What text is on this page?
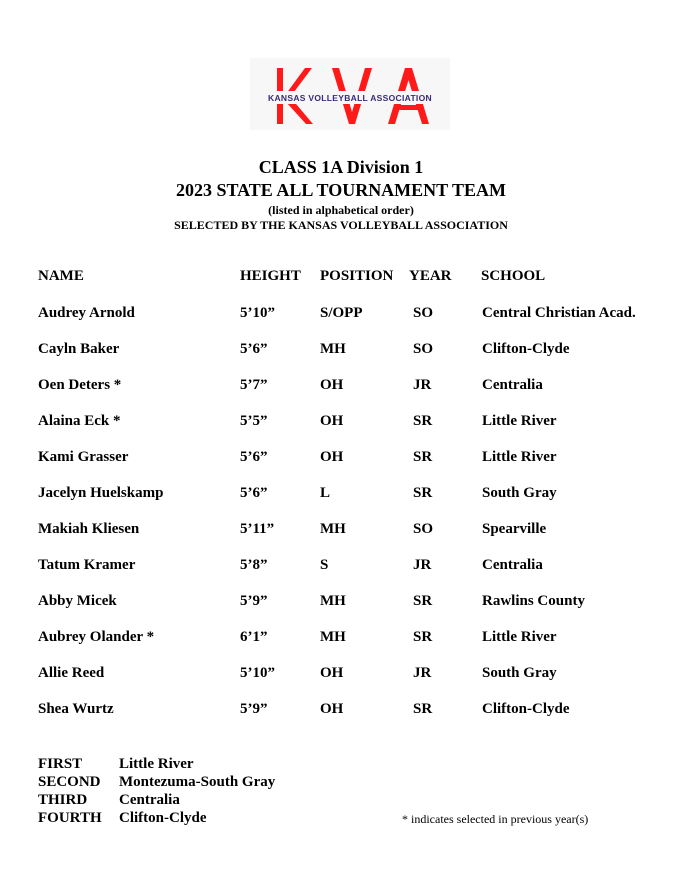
KANSAS VOLLEYBALL ASSOCIATION
CLASS 1A Division 1
2023 STATE ALL TOURNAMENT TEAM
(listed in alphabetical order)
SELECTED BY THE KANSAS VOLLEYBALL ASSOCIATION
NAME	HEIGHT POSITION YEAR SCHOOL
Audrey Arnold	5’10”	S/OPP	SO	Central Christian Acad.
Cayln Baker	5’6”	MH	SO	Clifton-Clyde
Oen Deters *	5’7”	OH	JR	Centralia
Alaina Eck *	5’5”	OH	SR	Little River
Kami Grasser	5’6”	OH	SR	Little River
Jacelyn Huelskamp	5’6”	L	SR	South Gray
Makiah Kliesen	5’11”	MH	SO	Spearville
Tatum Kramer	5’8”	S	JR	Centralia
Abby Micek	5’9”	MH	SR	Rawlins County
Aubrey Olander *	6’1”	MH	SR	Little River
Allie Reed	5’10”	OH	JR	South Gray
Shea Wurtz	5’9”	OH	SR	Clifton-Clyde
FIRST Little River
SECOND Montezuma-South Gray
THIRD Centralia
FOURTH Clifton-Clyde	* indicates selected in previous year(s)
